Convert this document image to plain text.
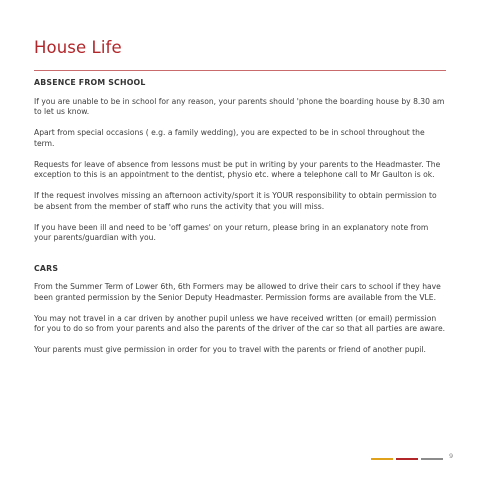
House Life

ABSENCE FROM SCHOOL

If you are unable to be in school for any reason, your parents should 'phone the boarding house by 8.30 am to let us know.

Apart from special occasions ( e.g. a family wedding), you are expected to be in school throughout the term.

Requests for leave of absence from lessons must be put in writing by your parents to the Headmaster. The exception to this is an appointment to the dentist, physio etc. where a telephone call to Mr Gaulton is ok.

If the request involves missing an afternoon activity/sport it is YOUR responsibility to obtain permission to be absent from the member of staff who runs the activity that you will miss.

If you have been ill and need to be 'off games' on your return, please bring in an explanatory note from your parents/guardian with you.

CARS

From the Summer Term of Lower 6th, 6th Formers may be allowed to drive their cars to school if they have been granted permission by the Senior Deputy Headmaster. Permission forms are available from the VLE.

You may not travel in a car driven by another pupil unless we have received written (or email) permission for you to do so from your parents and also the parents of the driver of the car so that all parties are aware.

Your parents must give permission in order for you to travel with the parents or friend of another pupil.

9
